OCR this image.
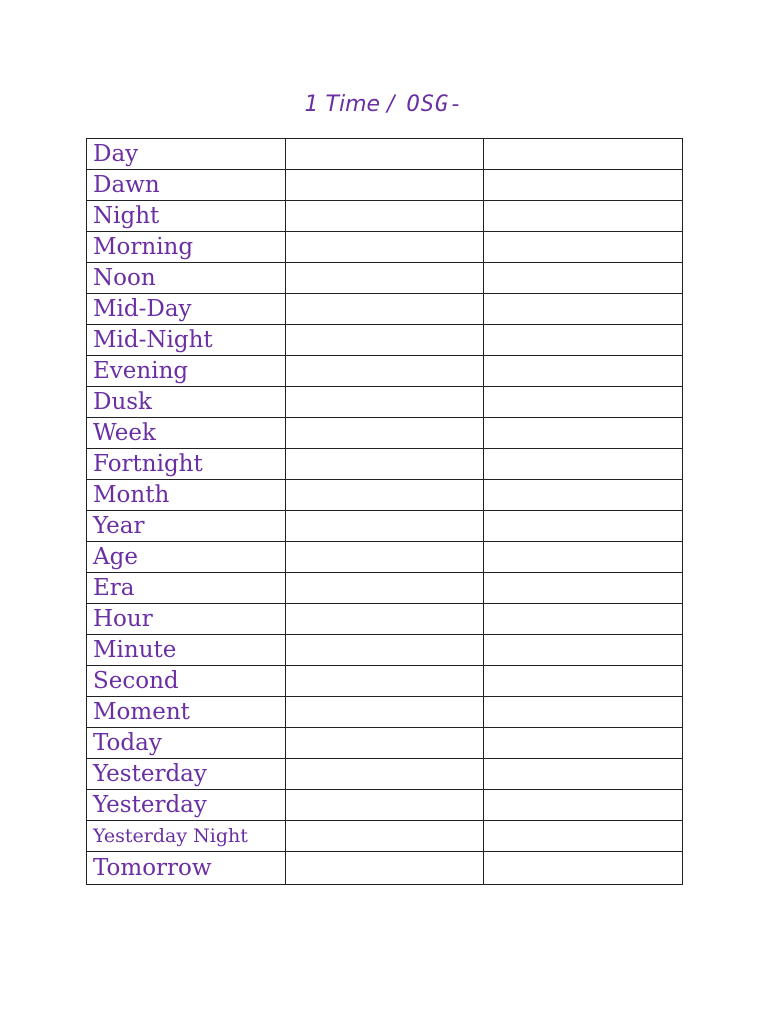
1 Time / OSG-
Day		
Dawn		
Night		
Morning		
Noon		
Mid-Day		
Mid-Night		
Evening		
Dusk		
Week		
Fortnight		
Month		
Year		
Age		
Era		
Hour		
Minute		
Second		
Moment		
Today		
Yesterday		
Yesterday		
Yesterday Night		
Tomorrow		
